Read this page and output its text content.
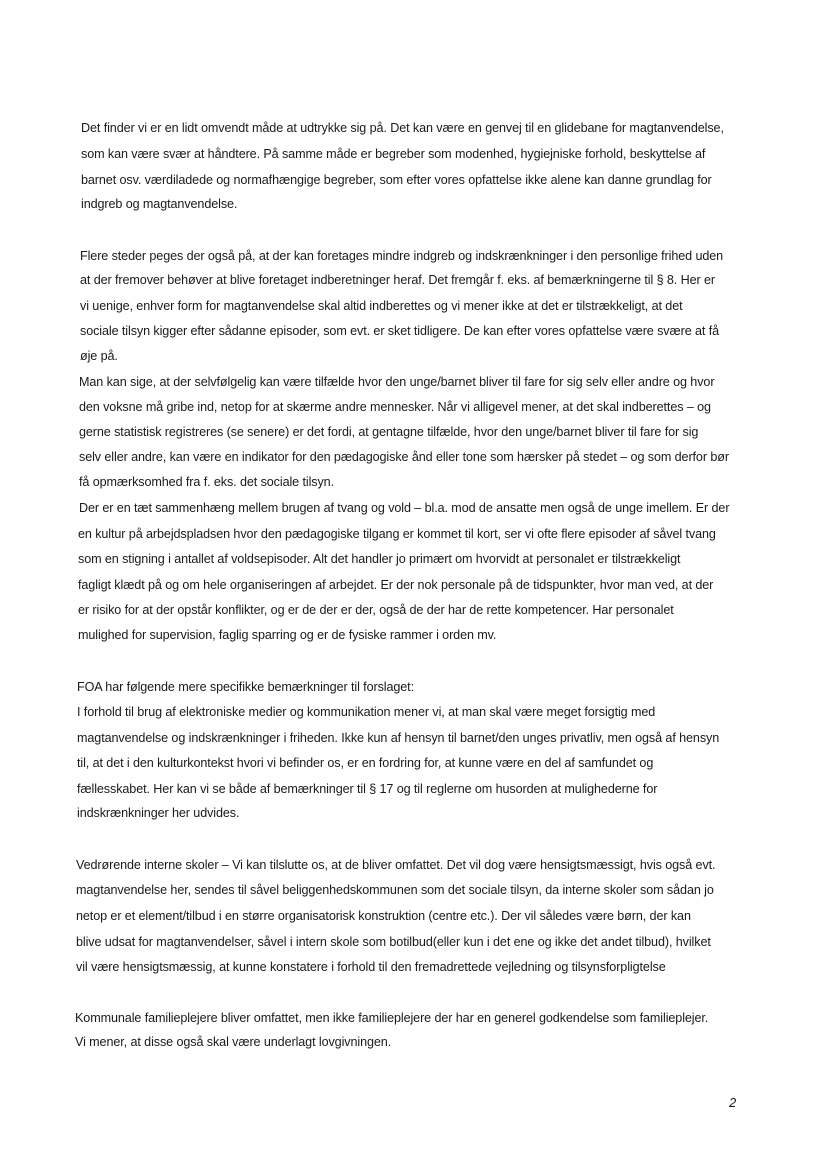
Det finder vi er en lidt omvendt måde at udtrykke sig på. Det kan være en genvej til en glidebane for magtanvendelse,
som kan være svær at håndtere. På samme måde er begreber som modenhed, hygiejniske forhold, beskyttelse af
barnet osv. værdiladede og normafhængige begreber, som efter vores opfattelse ikke alene kan danne grundlag for
indgreb og magtanvendelse.
Flere steder peges der også på, at der kan foretages mindre indgreb og indskrænkninger i den personlige frihed uden
at der fremover behøver at blive foretaget indberetninger heraf. Det fremgår f. eks. af bemærkningerne til § 8. Her er
vi uenige, enhver form for magtanvendelse skal altid indberettes og vi mener ikke at det er tilstrækkeligt, at det
sociale tilsyn kigger efter sådanne episoder, som evt. er sket tidligere. De kan efter vores opfattelse være svære at få
øje på.
Man kan sige, at der selvfølgelig kan være tilfælde hvor den unge/barnet bliver til fare for sig selv eller andre og hvor
den voksne må gribe ind, netop for at skærme andre mennesker. Når vi alligevel mener, at det skal indberettes – og
gerne statistisk registreres (se senere) er det fordi, at gentagne tilfælde, hvor den unge/barnet bliver til fare for sig
selv eller andre, kan være en indikator for den pædagogiske ånd eller tone som hærsker på stedet – og som derfor bør
få opmærksomhed fra f. eks. det sociale tilsyn.
Der er en tæt sammenhæng mellem brugen af tvang og vold – bl.a. mod de ansatte men også de unge imellem. Er der
en kultur på arbejdspladsen hvor den pædagogiske tilgang er kommet til kort, ser vi ofte flere episoder af såvel tvang
som en stigning i antallet af voldsepisoder. Alt det handler jo primært om hvorvidt at personalet er tilstrækkeligt
fagligt klædt på og om hele organiseringen af arbejdet. Er der nok personale på de tidspunkter, hvor man ved, at der
er risiko for at der opstår konflikter, og er de der er der, også de der har de rette kompetencer. Har personalet
mulighed for supervision, faglig sparring og er de fysiske rammer i orden mv.
FOA har følgende mere specifikke bemærkninger til forslaget:
I forhold til brug af elektroniske medier og kommunikation mener vi, at man skal være meget forsigtig med
magtanvendelse og indskrænkninger i friheden. Ikke kun af hensyn til barnet/den unges privatliv, men også af hensyn
til, at det i den kulturkontekst hvori vi befinder os, er en fordring for, at kunne være en del af samfundet og
fællesskabet. Her kan vi se både af bemærkninger til § 17 og til reglerne om husorden at mulighederne for
indskrænkninger her udvides.
Vedrørende interne skoler – Vi kan tilslutte os, at de bliver omfattet. Det vil dog være hensigtsmæssigt, hvis også evt.
magtanvendelse her, sendes til såvel beliggenhedskommunen som det sociale tilsyn, da interne skoler som sådan jo
netop er et element/tilbud i en større organisatorisk konstruktion (centre etc.). Der vil således være børn, der kan
blive udsat for magtanvendelser, såvel i intern skole som botilbud(eller kun i det ene og ikke det andet tilbud), hvilket
vil være hensigtsmæssig, at kunne konstatere i forhold til den fremadrettede vejledning og tilsynsforpligtelse
Kommunale familieplejere bliver omfattet, men ikke familieplejere der har en generel godkendelse som familieplejer.
Vi mener, at disse også skal være underlagt lovgivningen.
2
